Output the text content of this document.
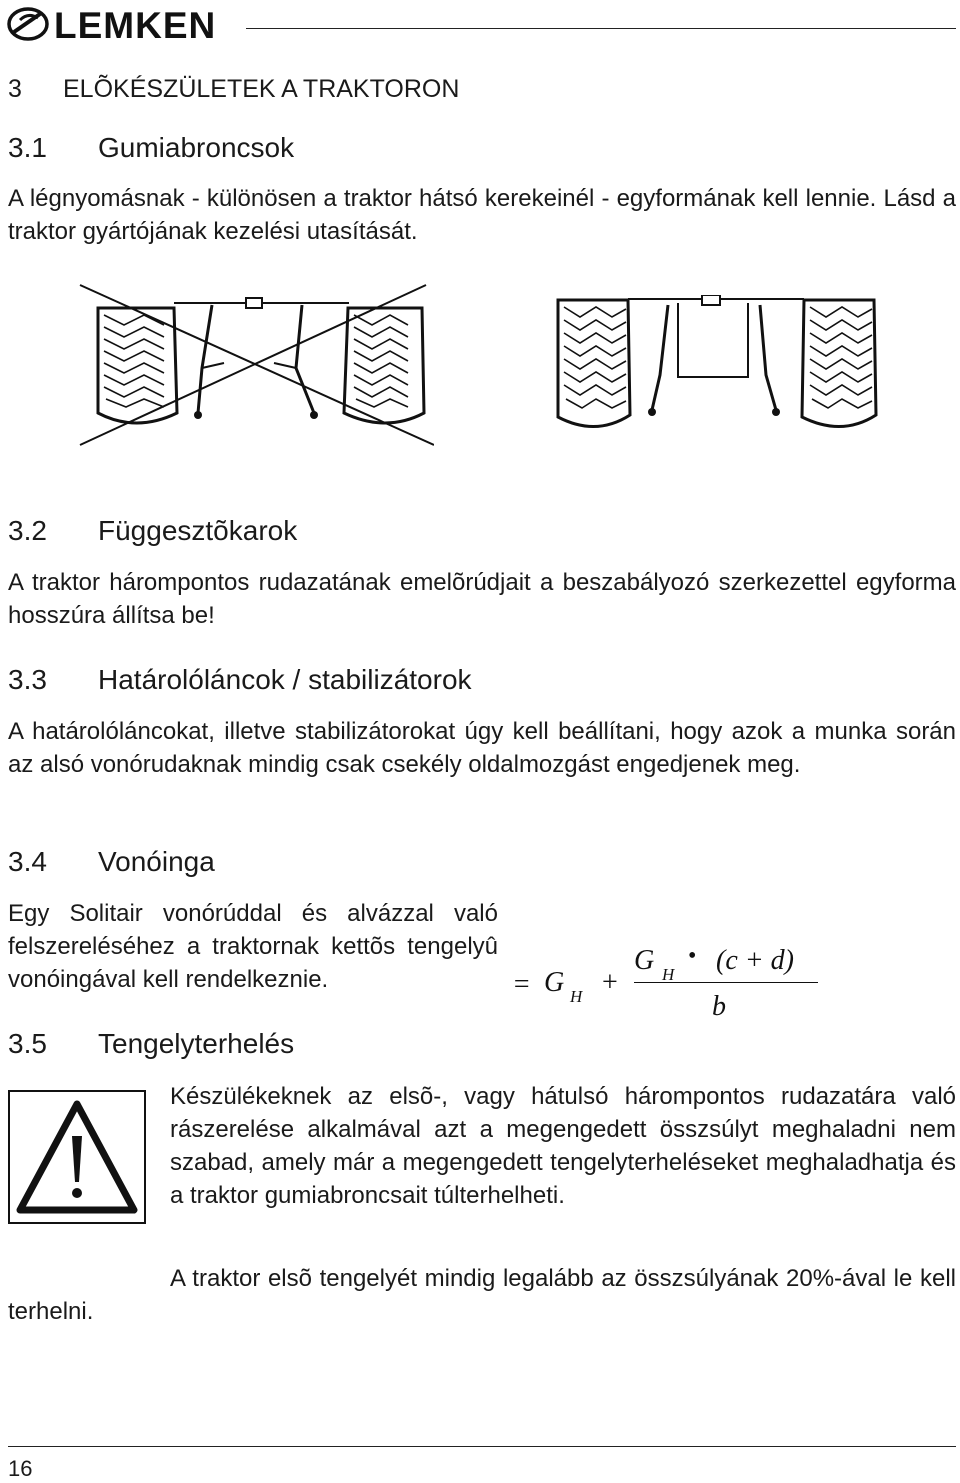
LEMKEN
3 ELÕKÉSZÜLETEK A TRAKTORON
3.1 Gumiabroncsok
A légnyomásnak - különösen a traktor hátsó kerekeinél - egyformának kell lennie. Lásd a traktor gyártójának kezelési utasítását.
3.2 Függesztõkarok
A traktor hárompontos rudazatának emelõrúdjait a beszabályozó szerkezettel egyforma hosszúra állítsa be!
3.3 Határolóláncok / stabilizátorok
A határolóláncokat, illetve stabilizátorokat úgy kell beállítani, hogy azok a munka során az alsó vonórudaknak mindig csak csekély oldalmozgást engedjenek meg.
3.4 Vonóinga
Egy Solitair vonórúddal és alvázzal való felszereléséhez a traktornak kettõs tengelyû vonóingával kell rendelkeznie.	= G H +
G H
• (c + d)
b
3.5 Tengelyterhelés
Készülékeknek az elsõ-, vagy hátulsó hárompontos rudazatára való rászerelése alkalmával azt a megengedett összsúlyt meghaladni nem szabad, amely már a megengedett tengelyterheléseket meghaladhatja és a traktor gumiabroncsait túlterhelheti.
A traktor elsõ tengelyét mindig legalább az összsúlyának 20%-ával le kell terhelni.
16
